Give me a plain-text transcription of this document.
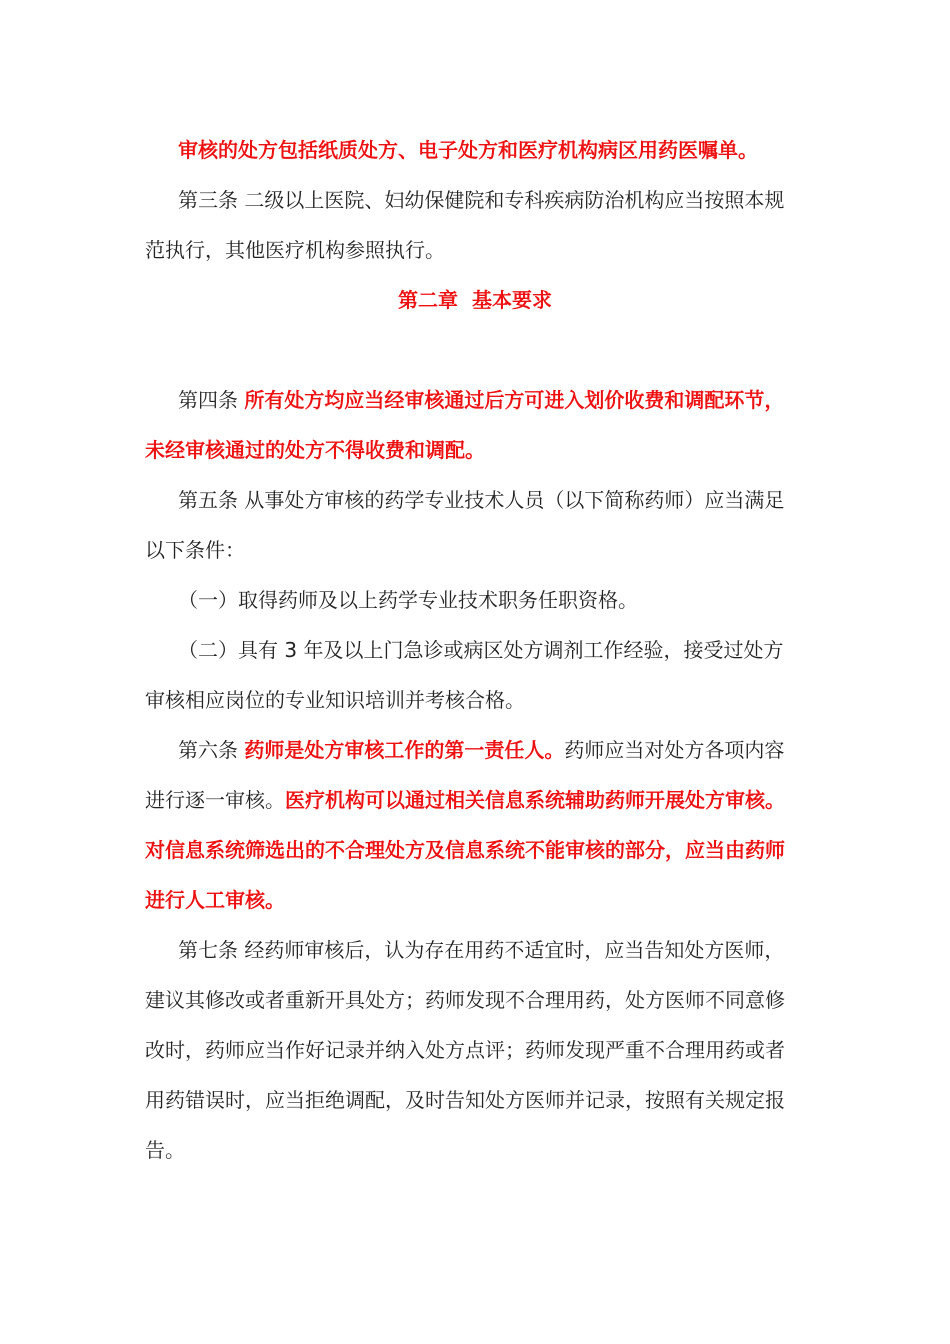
审核的处方包括纸质处方、电子处方和医疗机构病区用药医嘱单。
第三条 二级以上医院、妇幼保健院和专科疾病防治机构应当按照本规
范执行，其他医疗机构参照执行。
第二章 基本要求
第四条 所有处方均应当经审核通过后方可进入划价收费和调配环节，
未经审核通过的处方不得收费和调配。
第五条 从事处方审核的药学专业技术人员（以下简称药师）应当满足
以下条件：
（一）取得药师及以上药学专业技术职务任职资格。
（二）具有 3 年及以上门急诊或病区处方调剂工作经验，接受过处方
审核相应岗位的专业知识培训并考核合格。
第六条 药师是处方审核工作的第一责任人。药师应当对处方各项内容
进行逐一审核。医疗机构可以通过相关信息系统辅助药师开展处方审核。
对信息系统筛选出的不合理处方及信息系统不能审核的部分，应当由药师
进行人工审核。
第七条 经药师审核后，认为存在用药不适宜时，应当告知处方医师，
建议其修改或者重新开具处方；药师发现不合理用药，处方医师不同意修
改时，药师应当作好记录并纳入处方点评；药师发现严重不合理用药或者
用药错误时，应当拒绝调配，及时告知处方医师并记录，按照有关规定报
告。
